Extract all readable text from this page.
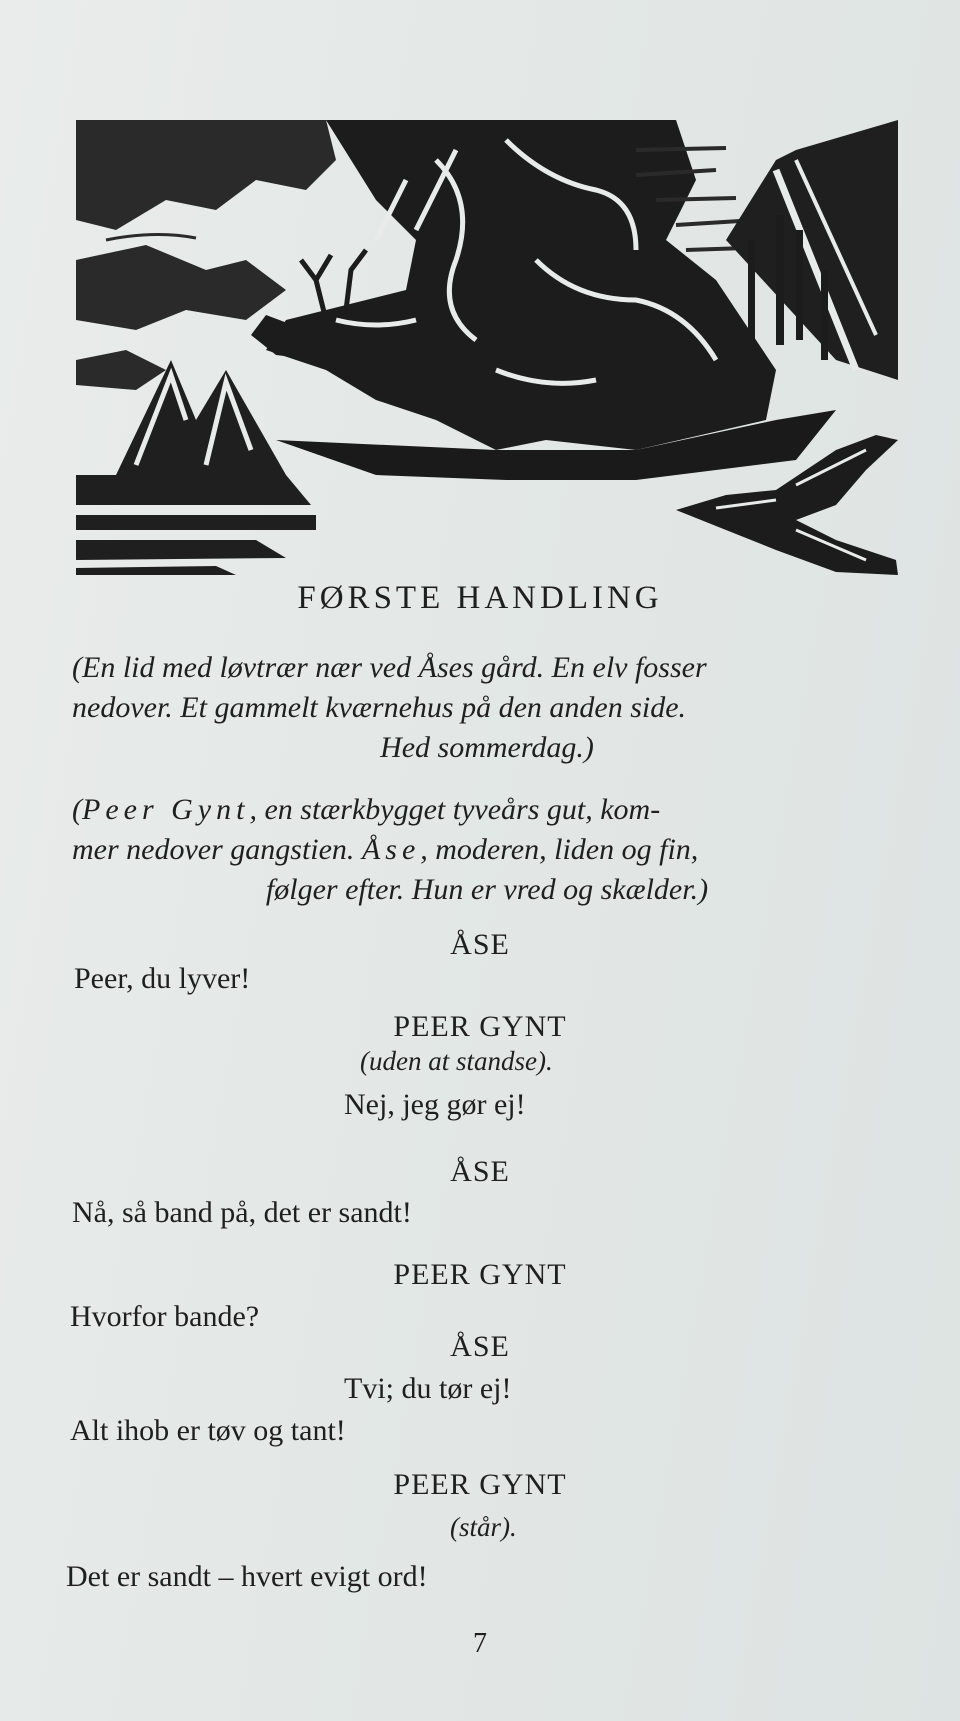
FØRSTE HANDLING
(En lid med løvtrær nær ved Åses gård. En elv fosser
nedover. Et gammelt kværnehus på den anden side.
Hed sommerdag.)
(Peer Gynt, en stærkbygget tyveårs gut, kom-
mer nedover gangstien. Åse, moderen, liden og fin,
følger efter. Hun er vred og skælder.)
ÅSE
Peer, du lyver!
PEER GYNT
(uden at standse).
Nej, jeg gør ej!
ÅSE
Nå, så band på, det er sandt!
PEER GYNT
Hvorfor bande?
ÅSE
Tvi; du tør ej!
Alt ihob er tøv og tant!
PEER GYNT
(står).
Det er sandt – hvert evigt ord!
7
